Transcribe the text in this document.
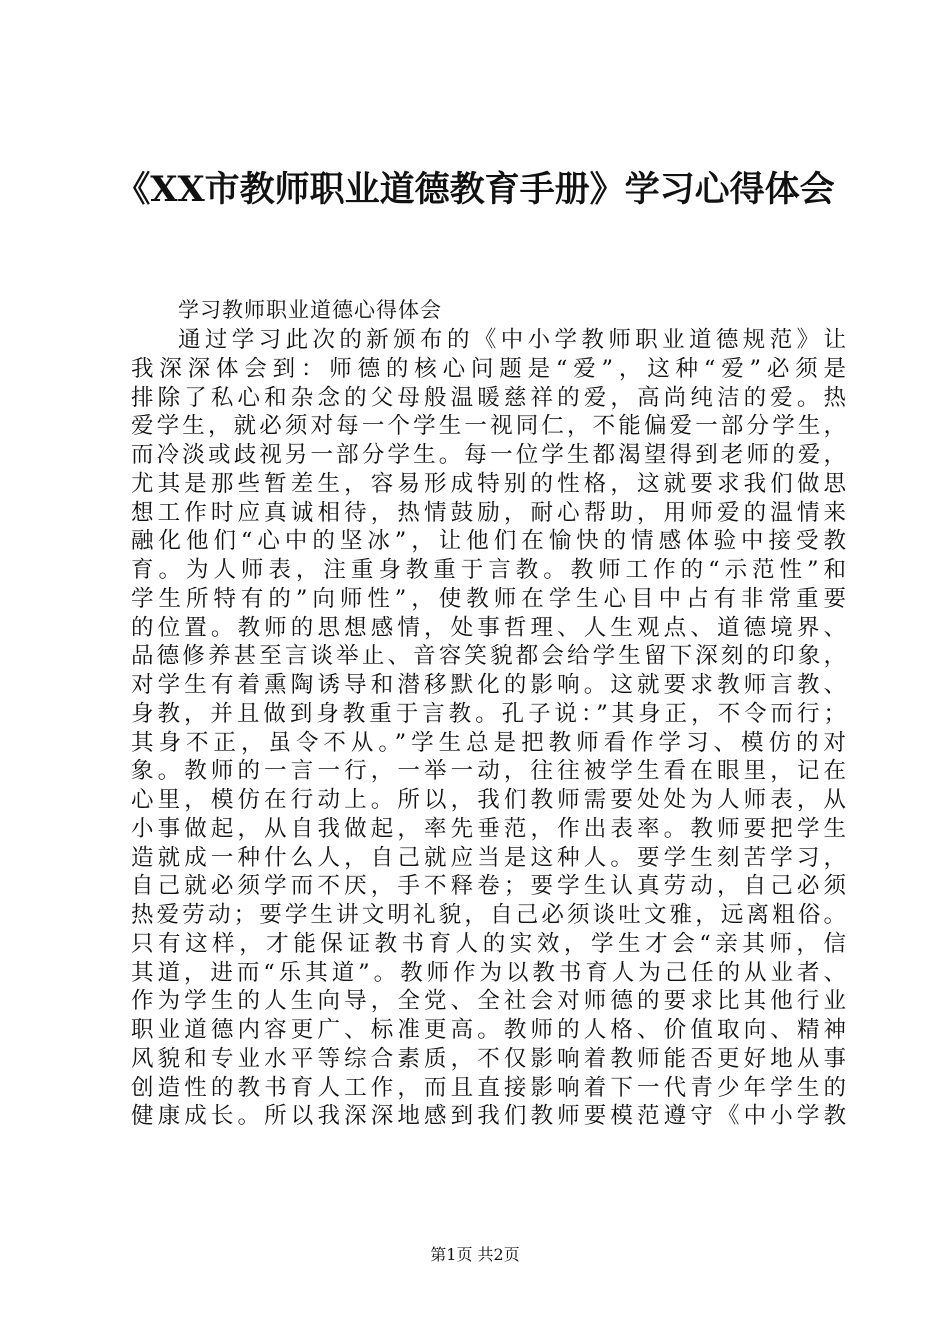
《XX市教师职业道德教育手册》学习心得体会

学习教师职业道德心得体会

通过学习此次的新颁布的《中小学教师职业道德规范》让
我深深体会到：师德的核心问题是“爱”，这种“爱”必须是
排除了私心和杂念的父母般温暖慈祥的爱，高尚纯洁的爱。热
爱学生，就必须对每一个学生一视同仁，不能偏爱一部分学生，
而冷淡或歧视另一部分学生。每一位学生都渴望得到老师的爱，
尤其是那些暂差生，容易形成特别的性格，这就要求我们做思
想工作时应真诚相待，热情鼓励，耐心帮助，用师爱的温情来
融化他们“心中的坚冰”，让他们在愉快的情感体验中接受教
育。为人师表，注重身教重于言教。教师工作的“示范性”和
学生所特有的”向师性”，使教师在学生心目中占有非常重要
的位置。教师的思想感情，处事哲理、人生观点、道德境界、
品德修养甚至言谈举止、音容笑貌都会给学生留下深刻的印象，
对学生有着熏陶诱导和潜移默化的影响。这就要求教师言教、
身教，并且做到身教重于言教。孔子说：”其身正，不令而行；
其身不正，虽令不从。”学生总是把教师看作学习、模仿的对
象。教师的一言一行，一举一动，往往被学生看在眼里，记在
心里，模仿在行动上。所以，我们教师需要处处为人师表，从
小事做起，从自我做起，率先垂范，作出表率。教师要把学生
造就成一种什么人，自己就应当是这种人。要学生刻苦学习，
自己就必须学而不厌，手不释卷；要学生认真劳动，自己必须
热爱劳动；要学生讲文明礼貌，自己必须谈吐文雅，远离粗俗。
只有这样，才能保证教书育人的实效，学生才会“亲其师，信
其道，进而“乐其道”。教师作为以教书育人为己任的从业者、
作为学生的人生向导，全党、全社会对师德的要求比其他行业
职业道德内容更广、标准更高。教师的人格、价值取向、精神
风貌和专业水平等综合素质，不仅影响着教师能否更好地从事
创造性的教书育人工作，而且直接影响着下一代青少年学生的
健康成长。所以我深深地感到我们教师要模范遵守《中小学教

第1页 共2页
